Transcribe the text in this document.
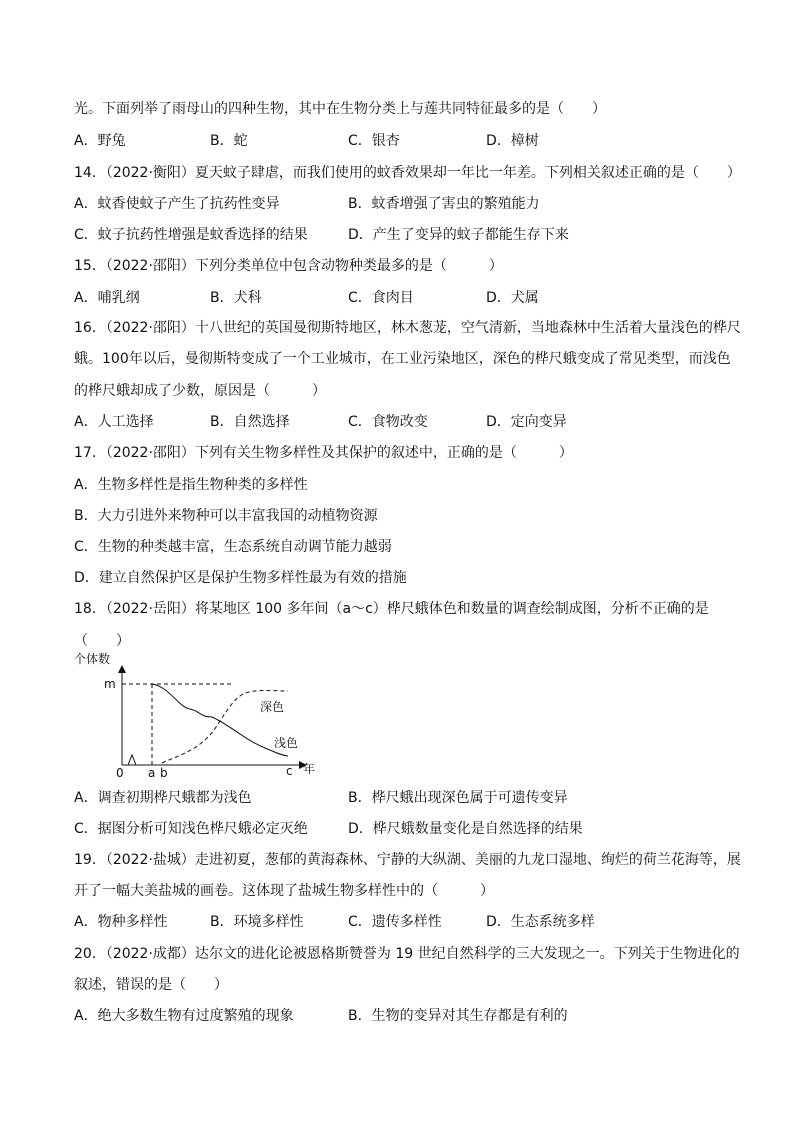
光。下面列举了雨母山的四种生物，其中在生物分类上与莲共同特征最多的是（　　）
A．野兔	B．蛇	C．银杏	D．樟树
14．（2022·衡阳）夏天蚊子肆虐，而我们使用的蚊香效果却一年比一年差。下列相关叙述正确的是（　　）
A．蚊香使蚊子产生了抗药性变异	B．蚊香增强了害虫的繁殖能力
C．蚊子抗药性增强是蚊香选择的结果	D．产生了变异的蚊子都能生存下来
15．（2022·邵阳）下列分类单位中包含动物种类最多的是（　　　）
A．哺乳纲	B．犬科	C．食肉目	D．犬属
16．（2022·邵阳）十八世纪的英国曼彻斯特地区，林木葱茏，空气清新，当地森林中生活着大量浅色的桦尺
蛾。100年以后，曼彻斯特变成了一个工业城市，在工业污染地区，深色的桦尺蛾变成了常见类型，而浅色
的桦尺蛾却成了少数，原因是（　　　）
A．人工选择	B．自然选择	C．食物改变	D．定向变异
17．（2022·邵阳）下列有关生物多样性及其保护的叙述中，正确的是（　　　）
A．生物多样性是指生物种类的多样性
B．大力引进外来物种可以丰富我国的动植物资源
C．生物的种类越丰富，生态系统自动调节能力越弱
D．建立自然保护区是保护生物多样性最为有效的措施
18．（2022·岳阳）将某地区 100 多年间（a～c）桦尺蛾体色和数量的调查绘制成图，分析不正确的是
（　　）
个体数
m
0 a b	c 年
深色
浅色
A．调查初期桦尺蛾都为浅色	B．桦尺蛾出现深色属于可遗传变异
C．据图分析可知浅色桦尺蛾必定灭绝	D．桦尺蛾数量变化是自然选择的结果
19．（2022·盐城）走进初夏，葱郁的黄海森林、宁静的大纵湖、美丽的九龙口湿地、绚烂的荷兰花海等，展
开了一幅大美盐城的画卷。这体现了盐城生物多样性中的（　　　）
A．物种多样性	B．环境多样性	C．遗传多样性	D．生态系统多样
20．（2022·成都）达尔文的进化论被恩格斯赞誉为 19 世纪自然科学的三大发现之一。下列关于生物进化的
叙述，错误的是（　　）
A．绝大多数生物有过度繁殖的现象	B．生物的变异对其生存都是有利的
